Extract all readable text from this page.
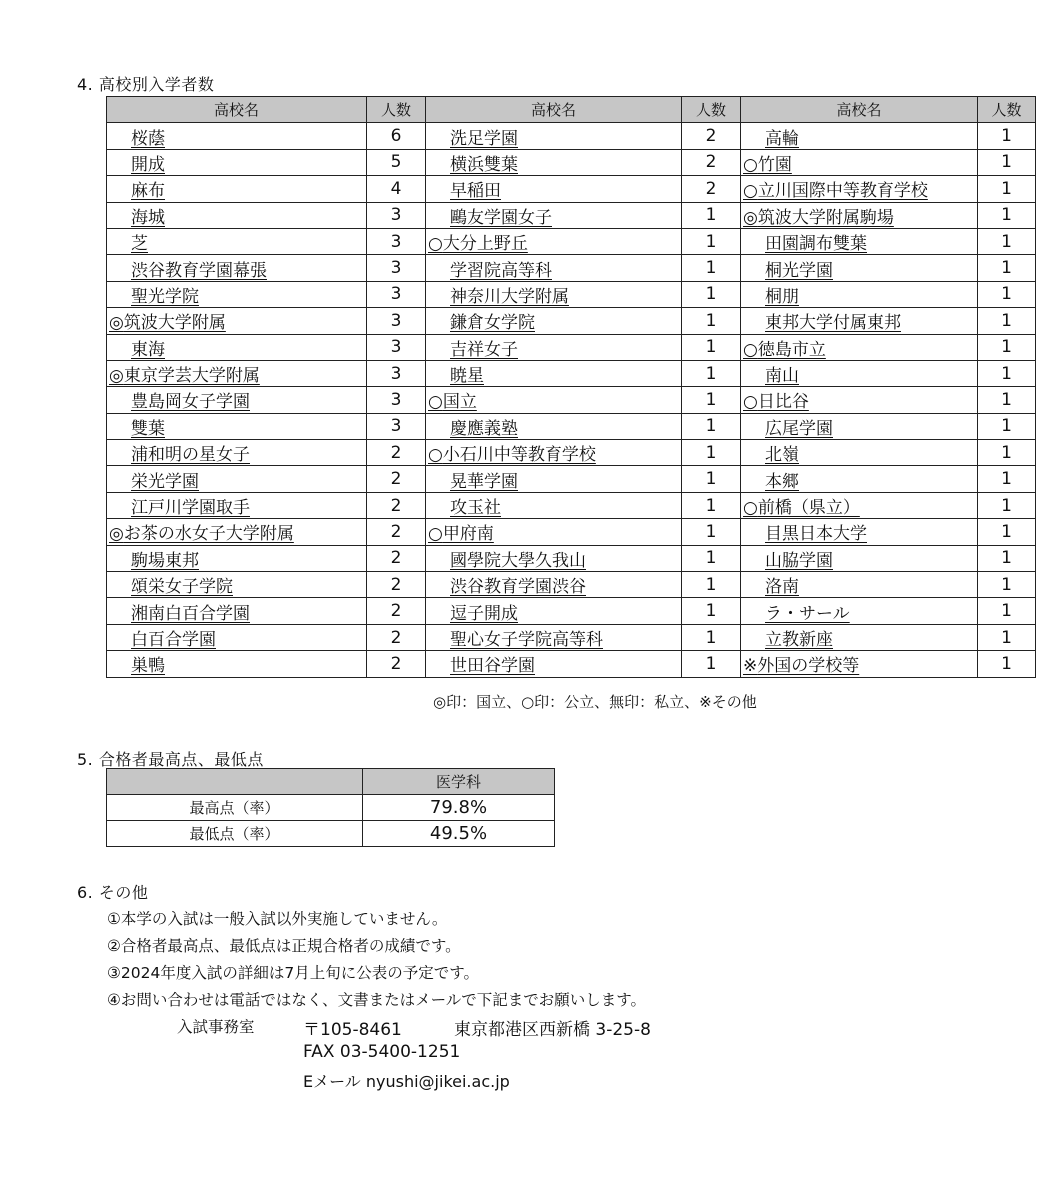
4. 高校別入学者数
高校名	人数	高校名	人数	高校名	人数
桜蔭	6	洗足学園	2	高輪	1
開成	5	横浜雙葉	2	○竹園	1
麻布	4	早稲田	2	○立川国際中等教育学校	1
海城	3	鷗友学園女子	1	◎筑波大学附属駒場	1
芝	3	○大分上野丘	1	田園調布雙葉	1
渋谷教育学園幕張	3	学習院高等科	1	桐光学園	1
聖光学院	3	神奈川大学附属	1	桐朋	1
◎筑波大学附属	3	鎌倉女学院	1	東邦大学付属東邦	1
東海	3	吉祥女子	1	○徳島市立	1
◎東京学芸大学附属	3	暁星	1	南山	1
豊島岡女子学園	3	○国立	1	○日比谷	1
雙葉	3	慶應義塾	1	広尾学園	1
浦和明の星女子	2	○小石川中等教育学校	1	北嶺	1
栄光学園	2	晃華学園	1	本郷	1
江戸川学園取手	2	攻玉社	1	○前橋（県立）	1
◎お茶の水女子大学附属	2	○甲府南	1	目黒日本大学	1
駒場東邦	2	國學院大學久我山	1	山脇学園	1
頌栄女子学院	2	渋谷教育学園渋谷	1	洛南	1
湘南白百合学園	2	逗子開成	1	ラ・サール	1
白百合学園	2	聖心女子学院高等科	1	立教新座	1
巣鴨	2	世田谷学園	1	※外国の学校等	1
◎印：国立、○印：公立、無印：私立、※その他
5. 合格者最高点、最低点
	医学科
最高点（率）	79.8%
最低点（率）	49.5%
6. その他
①本学の入試は一般入試以外実施していません。
②合格者最高点、最低点は正規合格者の成績です。
③2024年度入試の詳細は7月上旬に公表の予定です。
④お問い合わせは電話ではなく、文書またはメールで下記までお願いします。
入試事務室	〒105-8461	東京都港区西新橋 3-25-8
FAX 03-5400-1251
Eメール nyushi@jikei.ac.jp
